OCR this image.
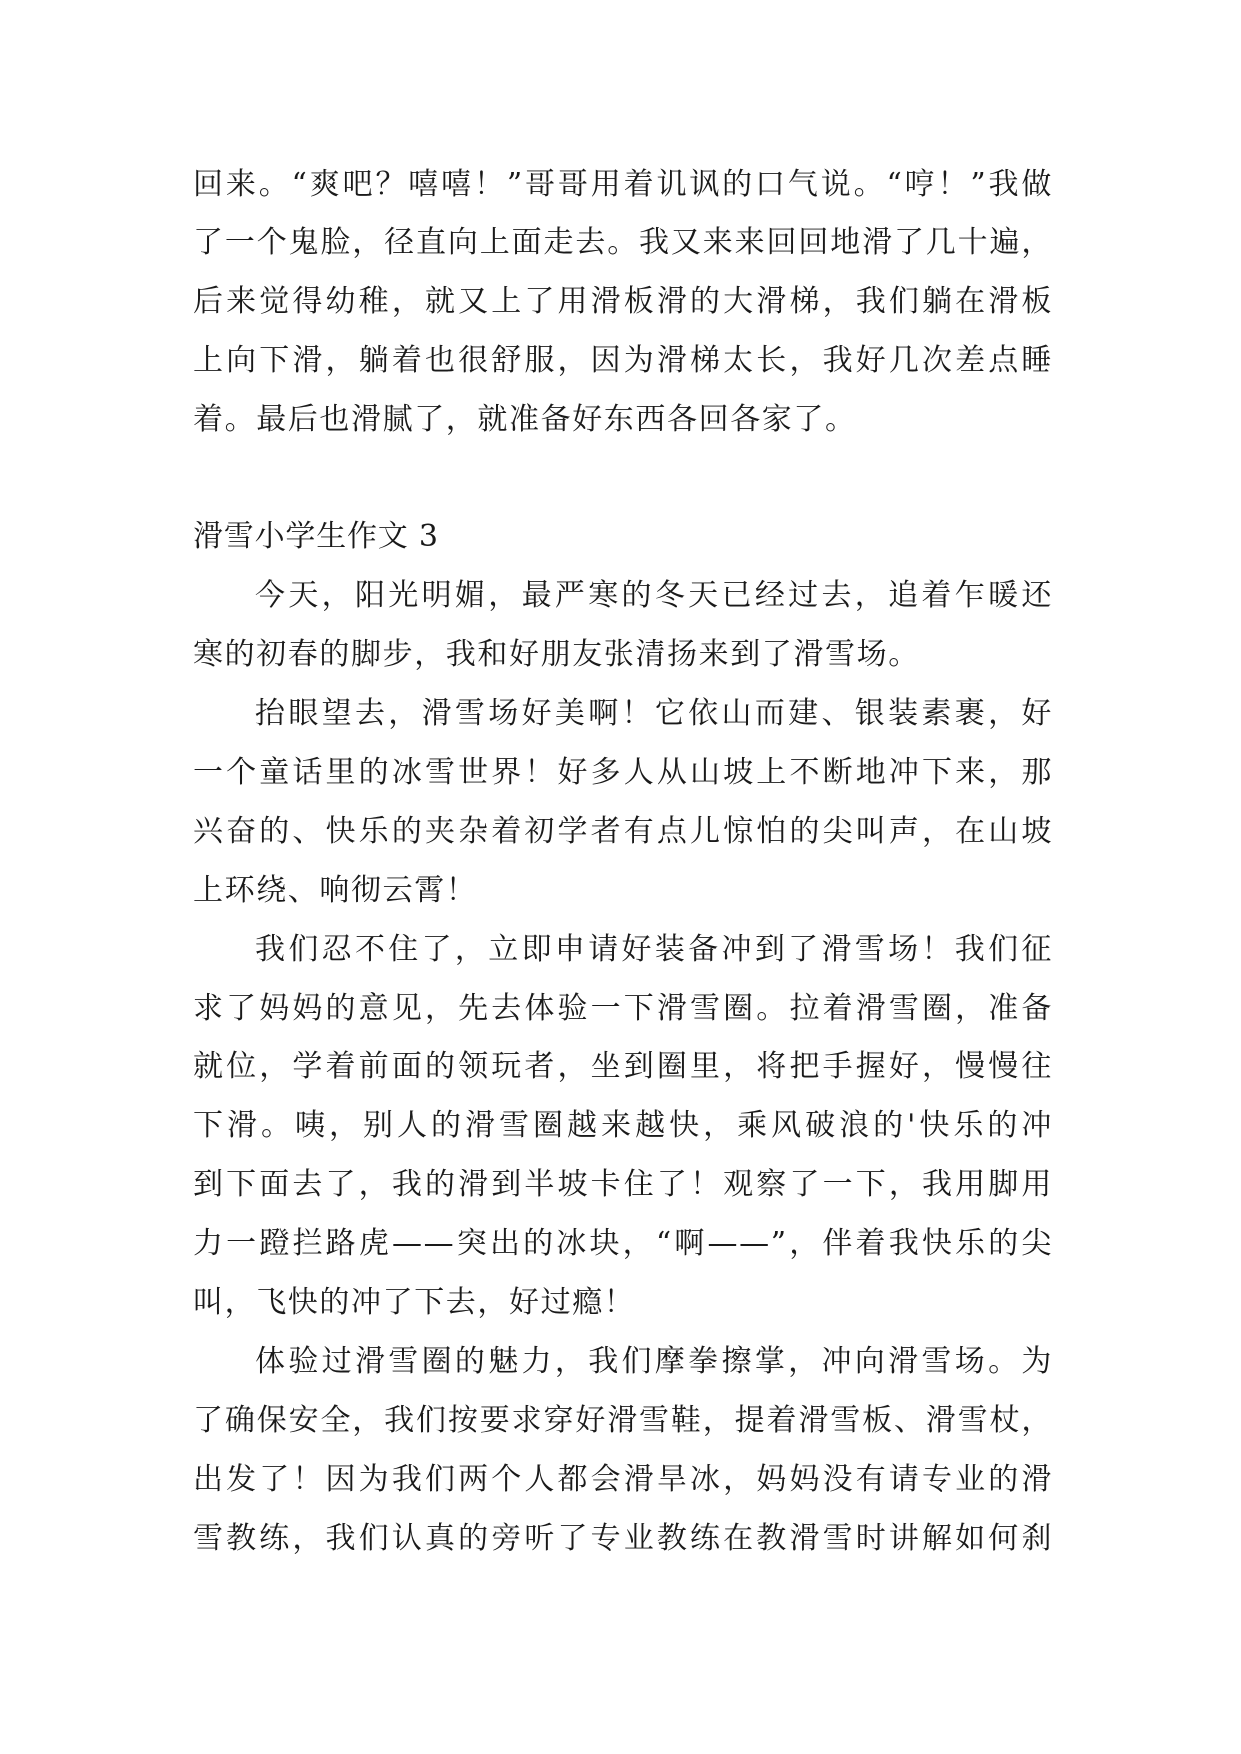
回来。“爽吧？嘻嘻！”哥哥用着讥讽的口气说。“哼！”我做
了一个鬼脸，径直向上面走去。我又来来回回地滑了几十遍，
后来觉得幼稚，就又上了用滑板滑的大滑梯，我们躺在滑板
上向下滑，躺着也很舒服，因为滑梯太长，我好几次差点睡
着。最后也滑腻了，就准备好东西各回各家了。
滑雪小学生作文 3
今天，阳光明媚，最严寒的冬天已经过去，追着乍暖还
寒的初春的脚步，我和好朋友张清扬来到了滑雪场。
抬眼望去，滑雪场好美啊！它依山而建、银装素裹，好
一个童话里的冰雪世界！好多人从山坡上不断地冲下来，那
兴奋的、快乐的夹杂着初学者有点儿惊怕的尖叫声，在山坡
上环绕、响彻云霄！
我们忍不住了，立即申请好装备冲到了滑雪场！我们征
求了妈妈的意见，先去体验一下滑雪圈。拉着滑雪圈，准备
就位，学着前面的领玩者，坐到圈里，将把手握好，慢慢往
下滑。咦，别人的滑雪圈越来越快，乘风破浪的'快乐的冲
到下面去了，我的滑到半坡卡住了！观察了一下，我用脚用
力一蹬拦路虎——突出的冰块，“啊——”，伴着我快乐的尖
叫，飞快的冲了下去，好过瘾！
体验过滑雪圈的魅力，我们摩拳擦掌，冲向滑雪场。为
了确保安全，我们按要求穿好滑雪鞋，提着滑雪板、滑雪杖，
出发了！因为我们两个人都会滑旱冰，妈妈没有请专业的滑
雪教练，我们认真的旁听了专业教练在教滑雪时讲解如何刹
